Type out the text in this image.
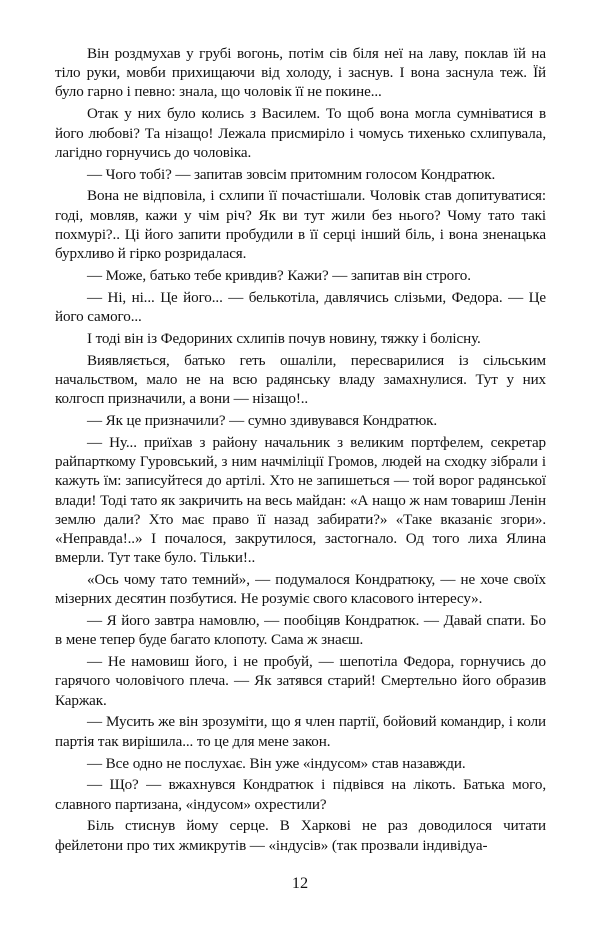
Він роздмухав у грубі вогонь, потім сів біля неї на лаву, поклав їй на тіло руки, мовби прихищаючи від холоду, і заснув. І вона заснула теж. Їй було гарно і певно: знала, що чоловік її не покине...

Отак у них було колись з Василем. То щоб вона могла сумніватися в його любові? Та нізащо! Лежала присмиріло і чомусь тихенько схлипувала, лагідно горнучись до чоловіка.

— Чого тобі? — запитав зовсім притомним голосом Кондратюк.

Вона не відповіла, і схлипи її почастішали. Чоловік став допитуватися: годі, мовляв, кажи у чім річ? Як ви тут жили без нього? Чому тато такі похмурі?.. Ці його запити пробудили в її серці інший біль, і вона зненацька бурхливо й гірко розридалася.

— Може, батько тебе кривдив? Кажи? — запитав він строго.

— Ні, ні... Це його... — белькотіла, давлячись слізьми, Федора. — Це його самого...

І тоді він із Федориних схлипів почув новину, тяжку і болісну.

Виявляється, батько геть ошаліли, пересварилися із сільським начальством, мало не на всю радянську владу замахнулися. Тут у них колгосп призначили, а вони — нізащо!..

— Як це призначили? — сумно здивувався Кондратюк.

— Ну... приїхав з району начальник з великим портфелем, секретар райпарткому Гуровський, з ним начміліції Громов, людей на сходку зібрали і кажуть їм: записуйтеся до артілі. Хто не запишеться — той ворог радянської влади! Тоді тато як закричить на весь майдан: «А нащо ж нам товариш Ленін землю дали? Хто має право її назад забирати?» «Таке вказаніє згори». «Неправда!..» І почалося, закрутилося, застогнало. Од того лиха Ялина вмерли. Тут таке було. Тільки!..

«Ось чому тато темний», — подумалося Кондратюку, — не хоче своїх мізерних десятин позбутися. Не розуміє свого класового інтересу».

— Я його завтра намовлю, — пообіцяв Кондратюк. — Давай спати. Бо в мене тепер буде багато клопоту. Сама ж знаєш.

— Не намовиш його, і не пробуй, — шепотіла Федора, горнучись до гарячого чоловічого плеча. — Як затявся старий! Смертельно його образив Каржак.

— Мусить же він зрозуміти, що я член партії, бойовий командир, і коли партія так вирішила... то це для мене закон.

— Все одно не послухає. Він уже «індусом» став назавжди.

— Що? — вжахнувся Кондратюк і підвівся на лікоть. Батька мого, славного партизана, «індусом» охрестили?

Біль стиснув йому серце. В Харкові не раз доводилося читати фейлетони про тих жмикрутів — «індусів» (так прозвали індивідуа-

12
